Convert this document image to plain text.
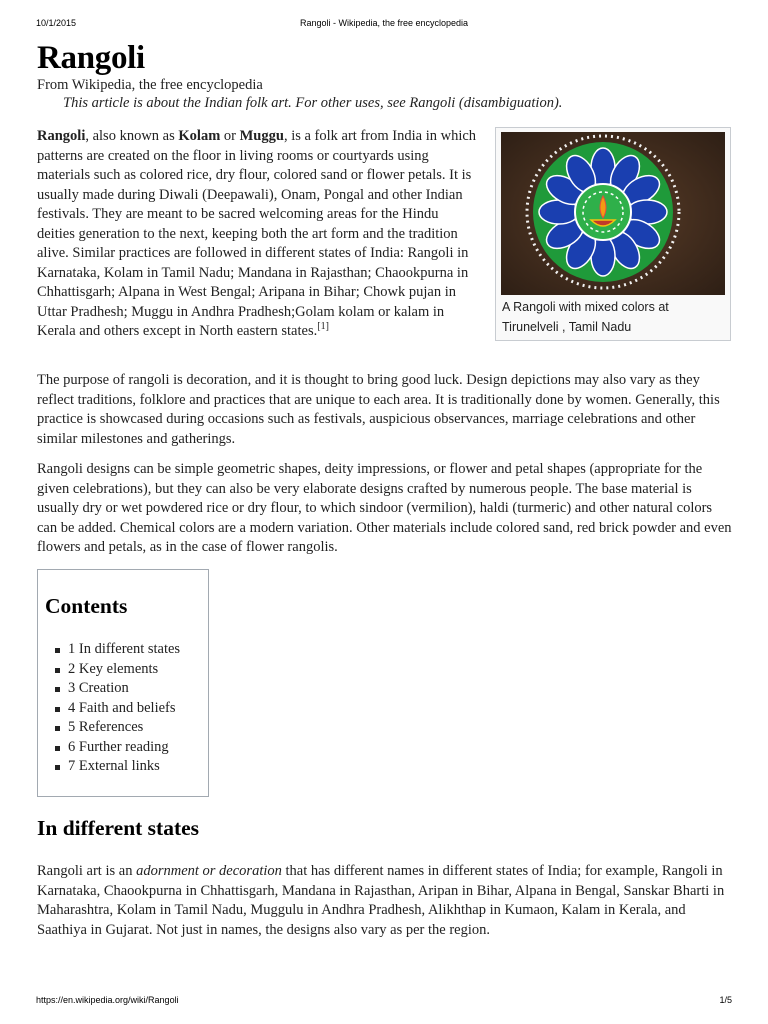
10/1/2015	Rangoli - Wikipedia, the free encyclopedia
Rangoli

From Wikipedia, the free encyclopedia

This article is about the Indian folk art. For other uses, see Rangoli (disambiguation).

Rangoli, also known as Kolam or Muggu, is a folk art from India in which patterns are created on the floor in living rooms or courtyards using materials such as colored rice, dry flour, colored sand or flower petals. It is usually made during Diwali (Deepawali), Onam, Pongal and other Indian festivals. They are meant to be sacred welcoming areas for the Hindu deities generation to the next, keeping both the art form and the tradition alive. Similar practices are followed in different states of India: Rangoli in Karnataka, Kolam in Tamil Nadu; Mandana in Rajasthan; Chaookpurna in Chhattisgarh; Alpana in West Bengal; Aripana in Bihar; Chowk pujan in Uttar Pradhesh; Muggu in Andhra Pradhesh;Golam kolam or kalam in Kerala and others except in North eastern states.[1]

A Rangoli with mixed colors at Tirunelveli , Tamil Nadu

The purpose of rangoli is decoration, and it is thought to bring good luck. Design depictions may also vary as they reflect traditions, folklore and practices that are unique to each area. It is traditionally done by women. Generally, this practice is showcased during occasions such as festivals, auspicious observances, marriage celebrations and other similar milestones and gatherings.

Rangoli designs can be simple geometric shapes, deity impressions, or flower and petal shapes (appropriate for the given celebrations), but they can also be very elaborate designs crafted by numerous people. The base material is usually dry or wet powdered rice or dry flour, to which sindoor (vermilion), haldi (turmeric) and other natural colors can be added. Chemical colors are a modern variation. Other materials include colored sand, red brick powder and even flowers and petals, as in the case of flower rangolis.

Contents
1 In different states
2 Key elements
3 Creation
4 Faith and beliefs
5 References
6 Further reading
7 External links
In different states

Rangoli art is an adornment or decoration that has different names in different states of India; for example, Rangoli in Karnataka, Chaookpurna in Chhattisgarh, Mandana in Rajasthan, Aripan in Bihar, Alpana in Bengal, Sanskar Bharti in Maharashtra, Kolam in Tamil Nadu, Muggulu in Andhra Pradhesh, Alikhthap in Kumaon, Kalam in Kerala, and Saathiya in Gujarat. Not just in names, the designs also vary as per the region.

https://en.wikipedia.org/wiki/Rangoli	1/5
